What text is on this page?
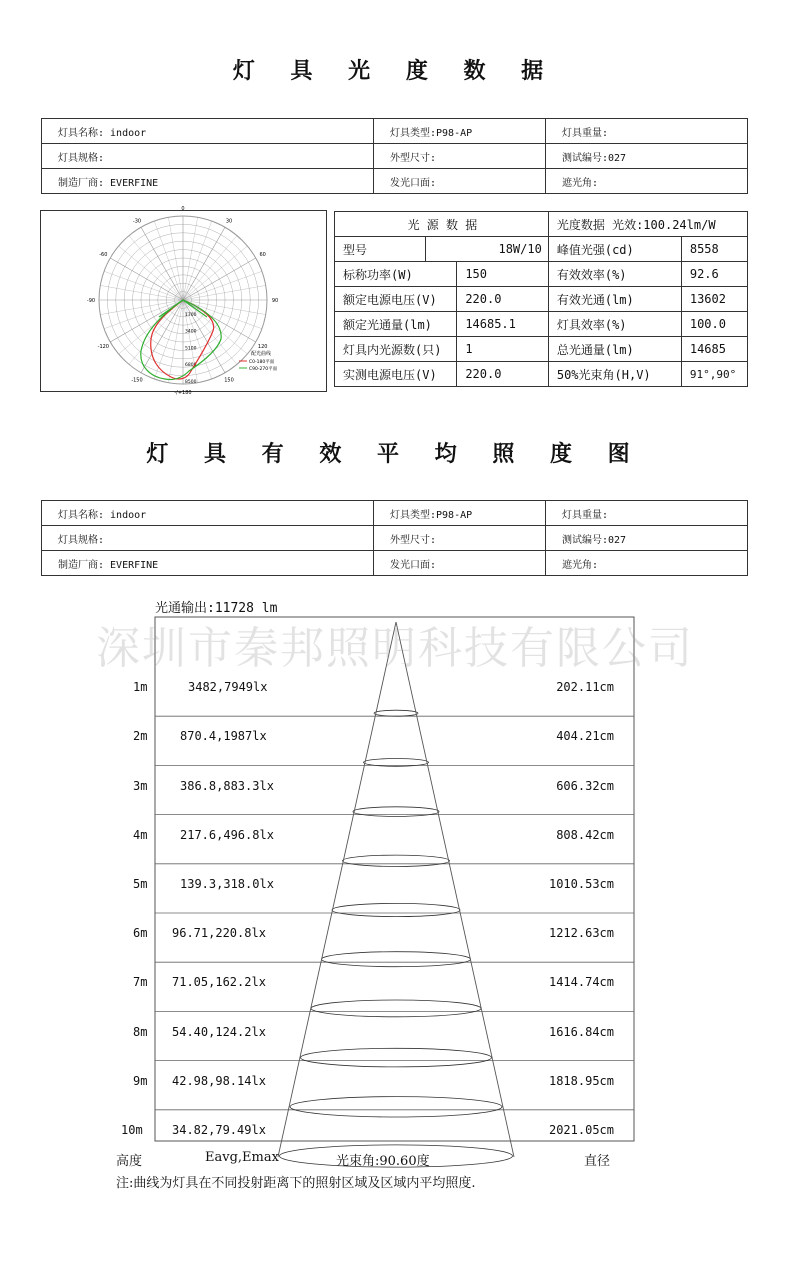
灯 具 光 度 数 据
灯具名称: indoor	灯具类型:P98-AP	灯具重量:
灯具规格:	外型尺寸:	测试编号:027
制造厂商: EVERFINE	发光口面:	遮光角:
-/+180
-150	150
-120	120
-90	90
-60	60
-30	30
0
1700
3400
5100
6800
8500
配光曲线
C0-180平面
C90-270平面
光 源 数 据			光度数据 光效:100.24lm/W	
型号	18W/10		峰值光强(cd)	8558
标称功率(W)		150	有效效率(%)	92.6
额定电源电压(V)		220.0	有效光通(lm)	13602
额定光通量(lm)		14685.1	灯具效率(%)	100.0
灯具内光源数(只)		1	总光通量(lm)	14685
实测电源电压(V)		220.0	50%光束角(H,V)	91°,90°
灯 具 有 效 平 均 照 度 图
灯具名称: indoor	灯具类型:P98-AP	灯具重量:
灯具规格:	外型尺寸:	测试编号:027
制造厂商: EVERFINE	发光口面:	遮光角:
光通输出:11728 lm
1m	3482,7949lx	202.11cm
2m	870.4,1987lx	404.21cm
3m	386.8,883.3lx	606.32cm
4m	217.6,496.8lx	808.42cm
5m	139.3,318.0lx	1010.53cm
6m 96.71,220.8lx	1212.63cm
7m 71.05,162.2lx	1414.74cm
8m 54.40,124.2lx	1616.84cm
9m 42.98,98.14lx	1818.95cm
10m 34.82,79.49lx	2021.05cm
深圳市秦邦照明科技有限公司
高度	Eavg,Emax	光束角:90.60度	直径
注:曲线为灯具在不同投射距离下的照射区域及区域内平均照度.
